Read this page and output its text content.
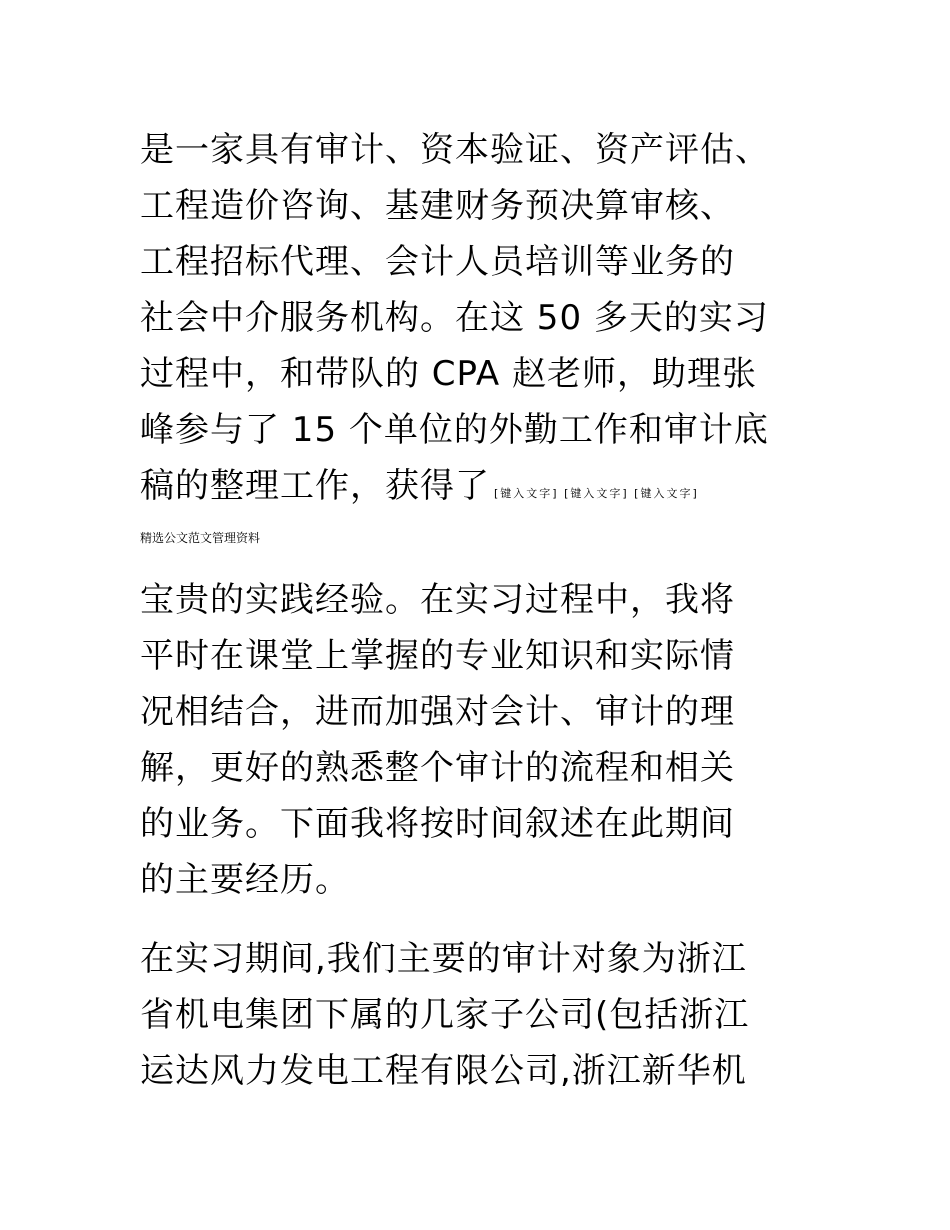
是一家具有审计、资本验证、资产评估、
工程造价咨询、基建财务预决算审核、
工程招标代理、会计人员培训等业务的
社会中介服务机构。在这 50 多天的实习
过程中，和带队的 CPA 赵老师，助理张
峰参与了 15 个单位的外勤工作和审计底
稿的整理工作，获得了 [键入文字] [键入文字] [键入文字]
精选公文范文管理资料
宝贵的实践经验。在实习过程中，我将
平时在课堂上掌握的专业知识和实际情
况相结合，进而加强对会计、审计的理
解，更好的熟悉整个审计的流程和相关
的业务。下面我将按时间叙述在此期间
的主要经历。
在实习期间,我们主要的审计对象为浙江
省机电集团下属的几家子公司(包括浙江
运达风力发电工程有限公司,浙江新华机
